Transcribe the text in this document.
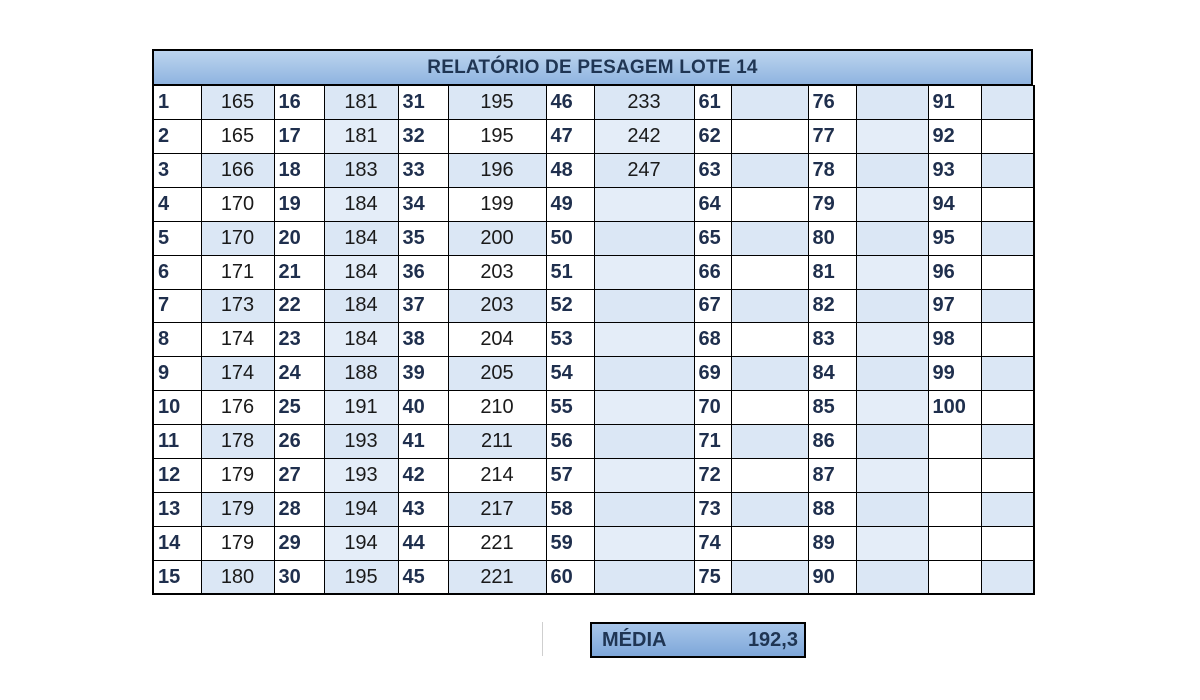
RELATÓRIO DE PESAGEM LOTE 14
1	165	16	181	31	195	46	233	61		76		91	
2	165	17	181	32	195	47	242	62		77		92	
3	166	18	183	33	196	48	247	63		78		93	
4	170	19	184	34	199	49		64		79		94	
5	170	20	184	35	200	50		65		80		95	
6	171	21	184	36	203	51		66		81		96	
7	173	22	184	37	203	52		67		82		97	
8	174	23	184	38	204	53		68		83		98	
9	174	24	188	39	205	54		69		84		99	
10	176	25	191	40	210	55		70		85		100	
11	178	26	193	41	211	56		71		86			
12	179	27	193	42	214	57		72		87			
13	179	28	194	43	217	58		73		88			
14	179	29	194	44	221	59		74		89			
15	180	30	195	45	221	60		75		90			
MÉDIA	192,3
